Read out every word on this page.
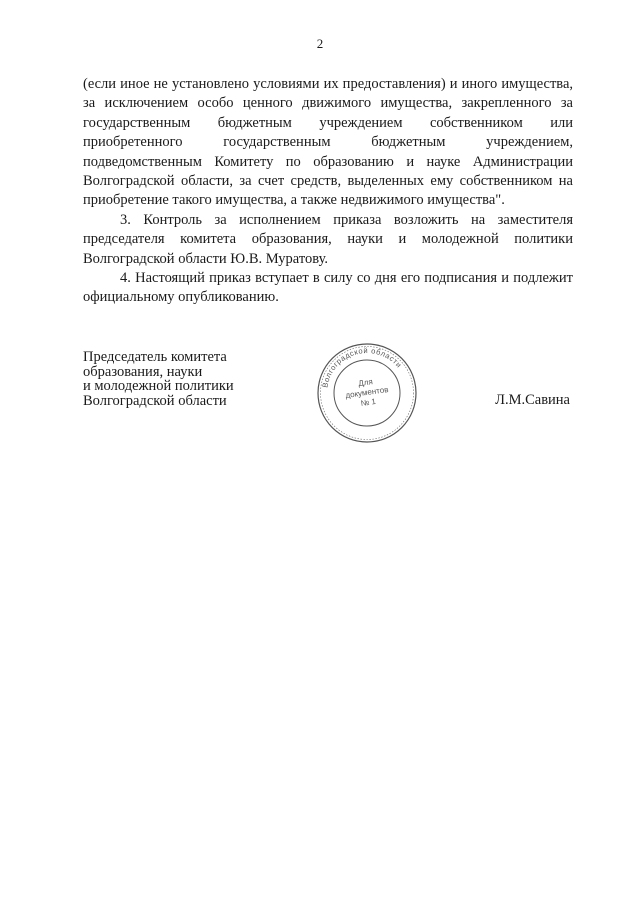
2

(если иное не установлено условиями их предоставления) и иного имущества, за исключением особо ценного движимого имущества, закрепленного за государственным бюджетным учреждением собственником или приобретенного государственным бюджетным учреждением, подведомственным Комитету по образованию и науке Администрации Волгоградской области, за счет средств, выделенных ему собственником на приобретение такого имущества, а также недвижимого имущества".

3. Контроль за исполнением приказа возложить на заместителя председателя комитета образования, науки и молодежной политики Волгоградской области Ю.В. Муратову.

4. Настоящий приказ вступает в силу со дня его подписания и подлежит официальному опубликованию.

Председатель комитета
образования, науки
и молодежной политики
Волгоградской области
Волгоградской области
Для
документов
№ 1	Л.М.Савина
